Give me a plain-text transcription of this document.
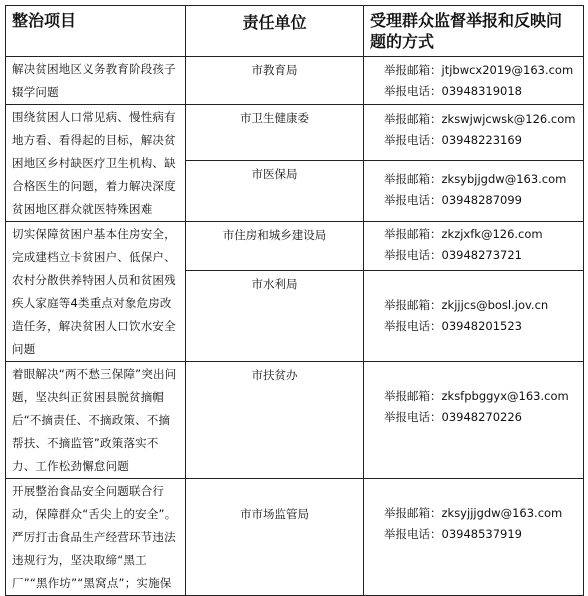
整治项目	责任单位	受理群众监督举报和反映问题的方式
解决贫困地区义务教育阶段孩子辍学问题	市教育局	举报邮箱：jtjbwcx2019@163.com
举报电话：03948319018

围绕贫困人口常见病、慢性病有地方看、看得起的目标，解决贫困地区乡村缺医疗卫生机构、缺合格医生的问题，着力解决深度贫困地区群众就医特殊困难	市卫生健康委	举报邮箱：zkswjwjcwsk@126.com
举报电话：03948223169

	市医保局	举报邮箱：zksybjjgdw@163.com
举报电话：03948287099

切实保障贫困户基本住房安全，完成建档立卡贫困户、低保户、农村分散供养特困人员和贫困残疾人家庭等4类重点对象危房改造任务，解决贫困人口饮水安全问题	市住房和城乡建设局	举报邮箱：zkzjxfk@126.com
举报电话：03948273721

	市水利局	举报邮箱：zkjjjcs@bosl.jov.cn
举报电话：03948201523

着眼解决“两不愁三保障”突出问题，坚决纠正贫困县脱贫摘帽后“不摘责任、不摘政策、不摘帮扶、不摘监管”政策落实不力、工作松劲懈怠问题	市扶贫办	举报邮箱：zksfpbggyx@163.com
举报电话：03948270226

开展整治食品安全问题联合行动，保障群众“舌尖上的安全”。严厉打击食品生产经营环节违法违规行为，坚决取缔“黑工厂”“黑作坊”“黑窝点”；实施保	市市场监管局	举报邮箱：zksyjjjgdw@163.com
举报电话：03948537919
